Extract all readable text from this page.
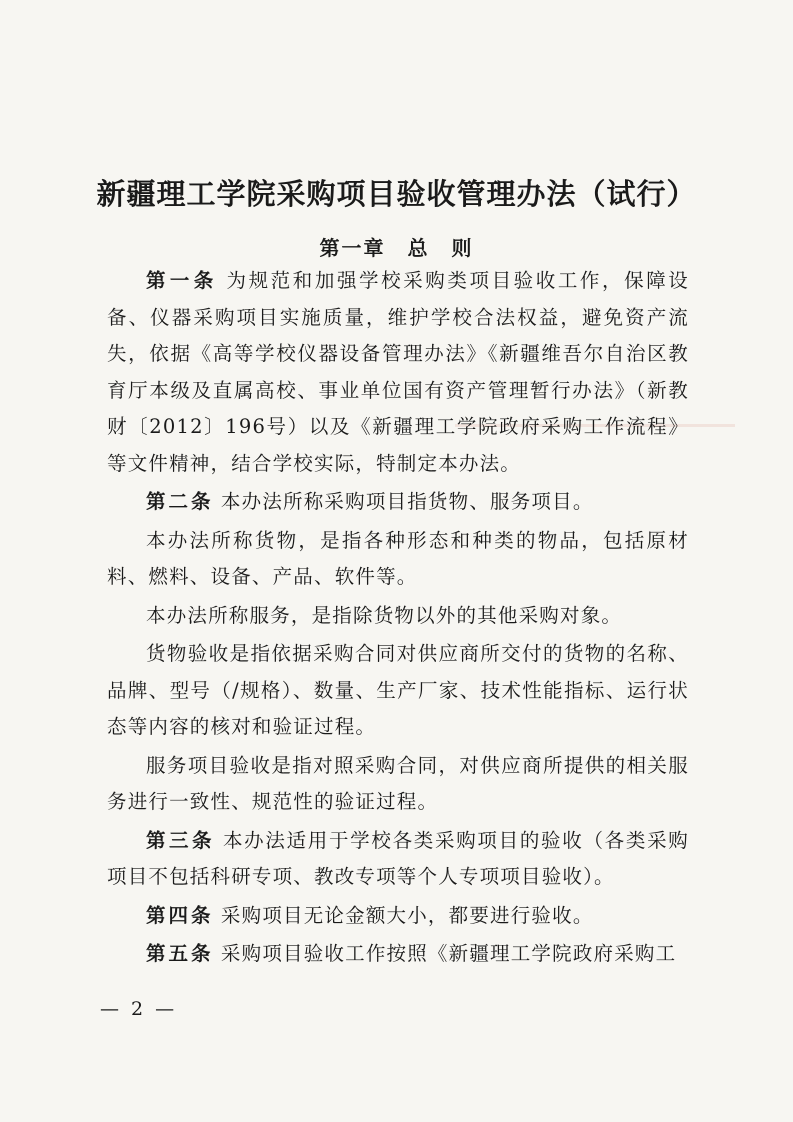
新疆理工学院采购项目验收管理办法（试行）
第一章　总　则

第一条 为规范和加强学校采购类项目验收工作，保障设备、仪器采购项目实施质量，维护学校合法权益，避免资产流失，依据《高等学校仪器设备管理办法》《新疆维吾尔自治区教育厅本级及直属高校、事业单位国有资产管理暂行办法》（新教财〔2012〕196号）以及《新疆理工学院政府采购工作流程》等文件精神，结合学校实际，特制定本办法。

第二条 本办法所称采购项目指货物、服务项目。

本办法所称货物，是指各种形态和种类的物品，包括原材料、燃料、设备、产品、软件等。

本办法所称服务，是指除货物以外的其他采购对象。

货物验收是指依据采购合同对供应商所交付的货物的名称、品牌、型号（/规格）、数量、生产厂家、技术性能指标、运行状态等内容的核对和验证过程。

服务项目验收是指对照采购合同，对供应商所提供的相关服务进行一致性、规范性的验证过程。

第三条 本办法适用于学校各类采购项目的验收（各类采购项目不包括科研专项、教改专项等个人专项项目验收）。

第四条 采购项目无论金额大小，都要进行验收。

第五条 采购项目验收工作按照《新疆理工学院政府采购工

— 2 —
